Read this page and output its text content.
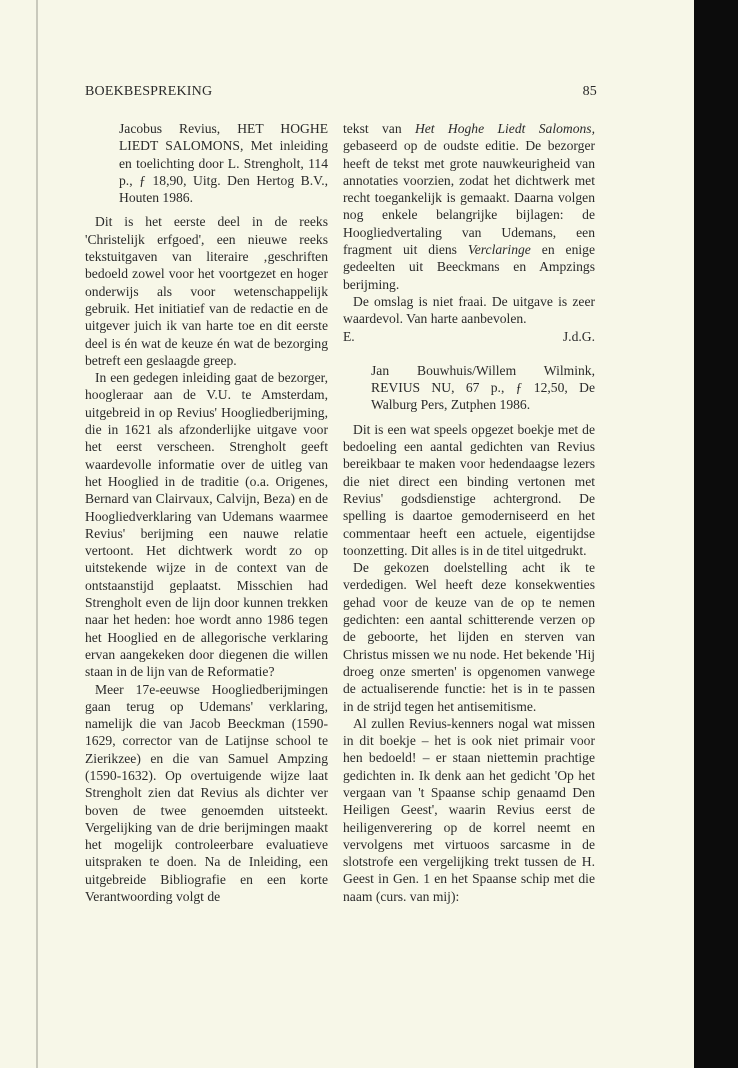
BOEKBESPREKING	85
Jacobus Revius, HET HOGHE LIEDT SALOMONS, Met inleiding en toelichting door L. Strengholt, 114 p., ƒ 18,90, Uitg. Den Hertog B.V., Houten 1986.

Dit is het eerste deel in de reeks 'Christelijk erfgoed', een nieuwe reeks tekstuitgaven van literaire ‚geschriften bedoeld zowel voor het voortgezet en hoger onderwijs als voor wetenschappelijk gebruik. Het initiatief van de redactie en de uitgever juich ik van harte toe en dit eerste deel is én wat de keuze én wat de bezorging betreft een geslaagde greep.

In een gedegen inleiding gaat de bezorger, hoogleraar aan de V.U. te Amsterdam, uitgebreid in op Revius' Hoogliedberijming, die in 1621 als afzonderlijke uitgave voor het eerst verscheen. Strengholt geeft waardevolle informatie over de uitleg van het Hooglied in de traditie (o.a. Origenes, Bernard van Clairvaux, Calvijn, Beza) en de Hoogliedverklaring van Udemans waarmee Revius' berijming een nauwe relatie vertoont. Het dichtwerk wordt zo op uitstekende wijze in de context van de ontstaanstijd geplaatst. Misschien had Strengholt even de lijn door kunnen trekken naar het heden: hoe wordt anno 1986 tegen het Hooglied en de allegorische verklaring ervan aangekeken door diegenen die willen staan in de lijn van de Reformatie?

Meer 17e-eeuwse Hoogliedberijmingen gaan terug op Udemans' verklaring, namelijk die van Jacob Beeckman (1590-1629, corrector van de Latijnse school te Zierikzee) en die van Samuel Ampzing (1590-1632). Op overtuigende wijze laat Strengholt zien dat Revius als dichter ver boven de twee genoemden uitsteekt. Vergelijking van de drie berijmingen maakt het mogelijk controleerbare evaluatieve uitspraken te doen. Na de Inleiding, een uitgebreide Bibliografie en een korte Verantwoording volgt de

tekst van Het Hoghe Liedt Salomons, gebaseerd op de oudste editie. De bezorger heeft de tekst met grote nauwkeurigheid van annotaties voorzien, zodat het dichtwerk met recht toegankelijk is gemaakt. Daarna volgen nog enkele belangrijke bijlagen: de Hoogliedvertaling van Udemans, een fragment uit diens Verclaringe en enige gedeelten uit Beeckmans en Ampzings berijming.

De omslag is niet fraai. De uitgave is zeer waardevol. Van harte aanbevolen.

E.	J.d.G.
Jan Bouwhuis/Willem Wilmink, REVIUS NU, 67 p., ƒ 12,50, De Walburg Pers, Zutphen 1986.

Dit is een wat speels opgezet boekje met de bedoeling een aantal gedichten van Revius bereikbaar te maken voor hedendaagse lezers die niet direct een binding vertonen met Revius' godsdienstige achtergrond. De spelling is daartoe gemoderniseerd en het commentaar heeft een actuele, eigentijdse toonzetting. Dit alles is in de titel uitgedrukt.

De gekozen doelstelling acht ik te verdedigen. Wel heeft deze konsekwenties gehad voor de keuze van de op te nemen gedichten: een aantal schitterende verzen op de geboorte, het lijden en sterven van Christus missen we nu node. Het bekende 'Hij droeg onze smerten' is opgenomen vanwege de actualiserende functie: het is in te passen in de strijd tegen het antisemitisme.

Al zullen Revius-kenners nogal wat missen in dit boekje – het is ook niet primair voor hen bedoeld! – er staan niettemin prachtige gedichten in. Ik denk aan het gedicht 'Op het vergaan van 't Spaanse schip genaamd Den Heiligen Geest', waarin Revius eerst de heiligenverering op de korrel neemt en vervolgens met virtuoos sarcasme in de slotstrofe een vergelijking trekt tussen de H. Geest in Gen. 1 en het Spaanse schip met die naam (curs. van mij):
